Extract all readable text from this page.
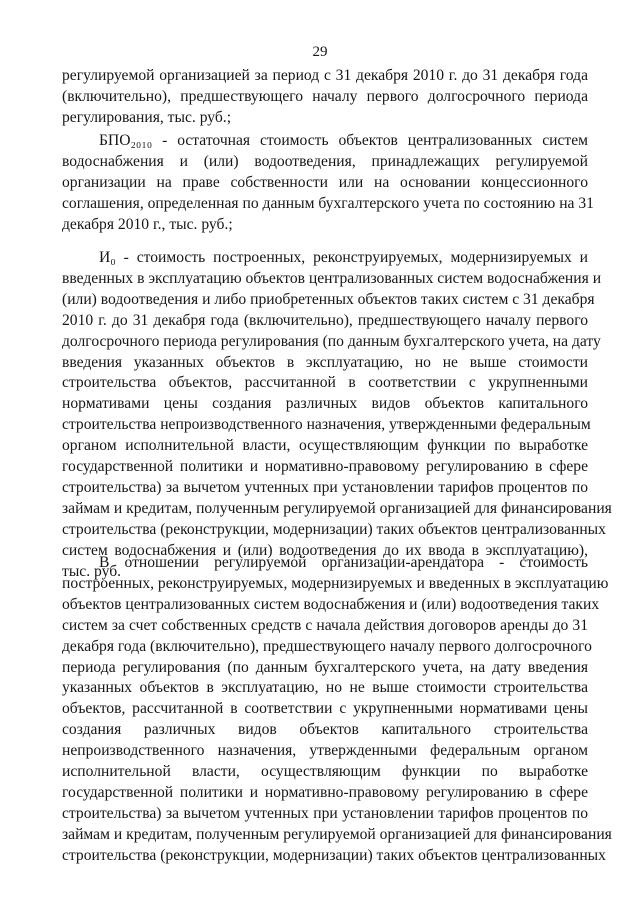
29
регулируемой организацией за период с 31 декабря 2010 г. до 31 декабря года
(включительно), предшествующего началу первого долгосрочного периода
регулирования, тыс. руб.;
БПО₂₀₁₀ - остаточная стоимость объектов централизованных систем
водоснабжения и (или) водоотведения, принадлежащих регулируемой
организации на праве собственности или на основании концессионного
соглашения, определенная по данным бухгалтерского учета по состоянию на 31
декабря 2010 г., тыс. руб.;
И₀ - стоимость построенных, реконструируемых, модернизируемых и
введенных в эксплуатацию объектов централизованных систем водоснабжения и
(или) водоотведения и либо приобретенных объектов таких систем с 31 декабря
2010 г. до 31 декабря года (включительно), предшествующего началу первого
долгосрочного периода регулирования (по данным бухгалтерского учета, на дату
введения указанных объектов в эксплуатацию, но не выше стоимости
строительства объектов, рассчитанной в соответствии с укрупненными
нормативами цены создания различных видов объектов капитального
строительства непроизводственного назначения, утвержденными федеральным
органом исполнительной власти, осуществляющим функции по выработке
государственной политики и нормативно-правовому регулированию в сфере
строительства) за вычетом учтенных при установлении тарифов процентов по
займам и кредитам, полученным регулируемой организацией для финансирования
строительства (реконструкции, модернизации) таких объектов централизованных
систем водоснабжения и (или) водоотведения до их ввода в эксплуатацию),
тыс. руб.
В отношении регулируемой организации-арендатора - стоимость
построенных, реконструируемых, модернизируемых и введенных в эксплуатацию
объектов централизованных систем водоснабжения и (или) водоотведения таких
систем за счет собственных средств с начала действия договоров аренды до 31
декабря года (включительно), предшествующего началу первого долгосрочного
периода регулирования (по данным бухгалтерского учета, на дату введения
указанных объектов в эксплуатацию, но не выше стоимости строительства
объектов, рассчитанной в соответствии с укрупненными нормативами цены
создания различных видов объектов капитального строительства
непроизводственного назначения, утвержденными федеральным органом
исполнительной власти, осуществляющим функции по выработке
государственной политики и нормативно-правовому регулированию в сфере
строительства) за вычетом учтенных при установлении тарифов процентов по
займам и кредитам, полученным регулируемой организацией для финансирования
строительства (реконструкции, модернизации) таких объектов централизованных
